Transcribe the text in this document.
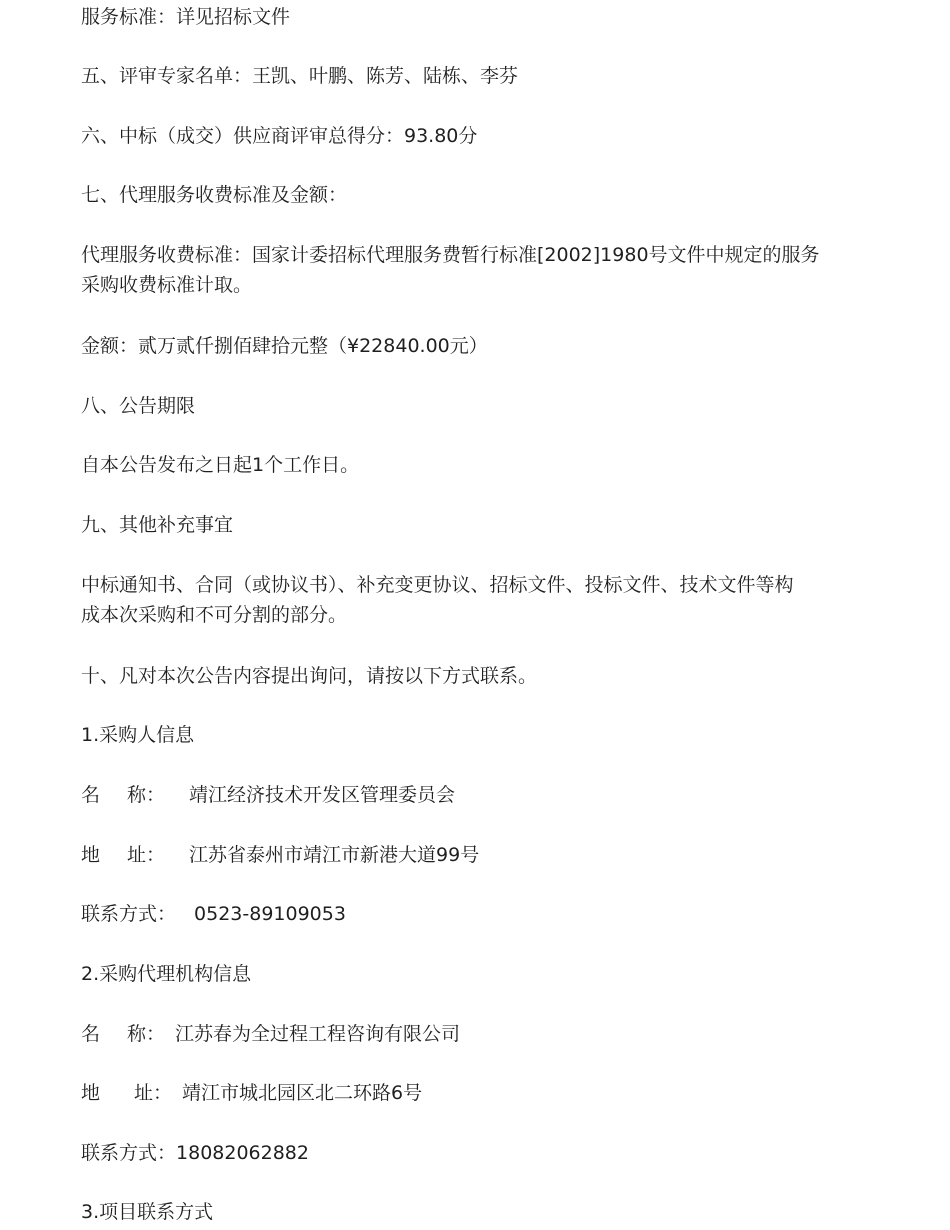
服务标准：详见招标文件
五、评审专家名单：王凯、叶鹏、陈芳、陆栋、李芬
六、中标（成交）供应商评审总得分：93.80分
七、代理服务收费标准及金额：
代理服务收费标准：国家计委招标代理服务费暂行标准[2002]1980号文件中规定的服务
采购收费标准计取。
金额：贰万贰仟捌佰肆拾元整（¥22840.00元）
八、公告期限
自本公告发布之日起1个工作日。
九、其他补充事宜
中标通知书、合同（或协议书）、补充变更协议、招标文件、投标文件、技术文件等构
成本次采购和不可分割的部分。
十、凡对本次公告内容提出询问，请按以下方式联系。
1.采购人信息
名 称： 靖江经济技术开发区管理委员会
地 址： 江苏省泰州市靖江市新港大道99号
联系方式： 0523-89109053
2.采购代理机构信息
名 称： 江苏春为全过程工程咨询有限公司
地 址： 靖江市城北园区北二环路6号
联系方式：18082062882
3.项目联系方式
